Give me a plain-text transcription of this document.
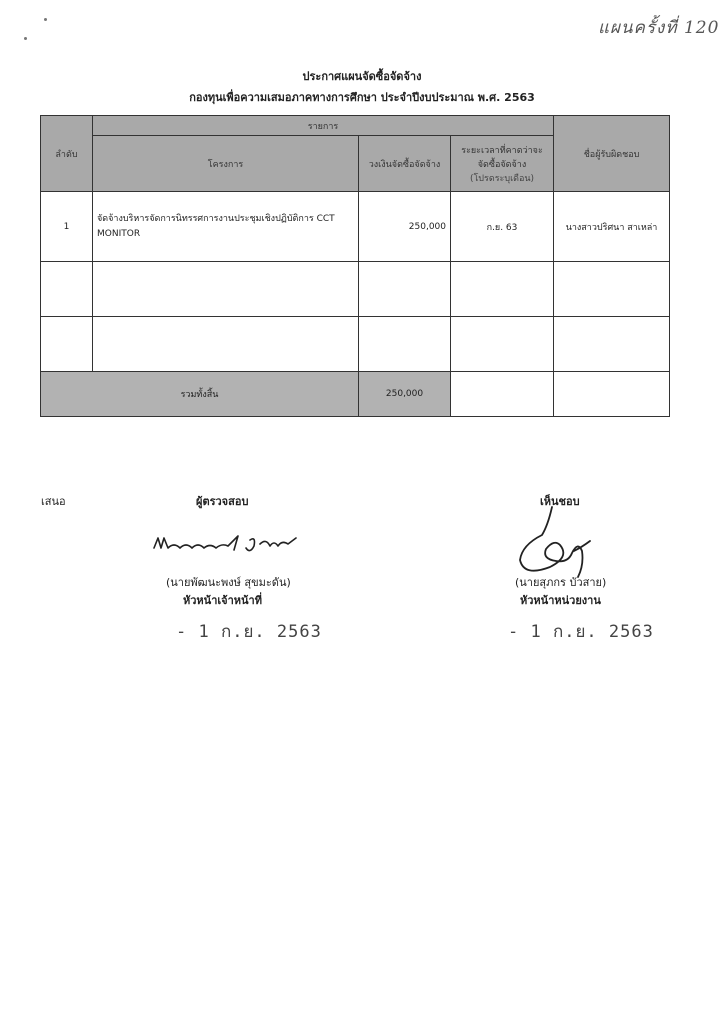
แผนครั้งที่ 120
ประกาศแผนจัดซื้อจัดจ้าง
กองทุนเพื่อความเสมอภาคทางการศึกษา ประจำปีงบประมาณ พ.ศ. 2563
ลำดับ	รายการ			ชื่อผู้รับผิดชอบ
	โครงการ	วงเงินจัดซื้อจัดจ้าง	ระยะเวลาที่คาดว่าจะ
จัดซื้อจัดจ้าง
(โปรดระบุเดือน)	

1	จัดจ้างบริหารจัดการนิทรรศการงานประชุมเชิงปฏิบัติการ CCT MONITOR	250,000	ก.ย. 63	นางสาวปริศนา สาเหล่า

รวมทั้งสิ้น		250,000		
เสนอ	ผู้ตรวจสอบ	เห็นชอบ
(นายพัฒนะพงษ์ สุขมะดัน)
หัวหน้าเจ้าหน้าที่
- 1 ก.ย. 2563
(นายสุภกร บัวสาย)
หัวหน้าหน่วยงาน
- 1 ก.ย. 2563
